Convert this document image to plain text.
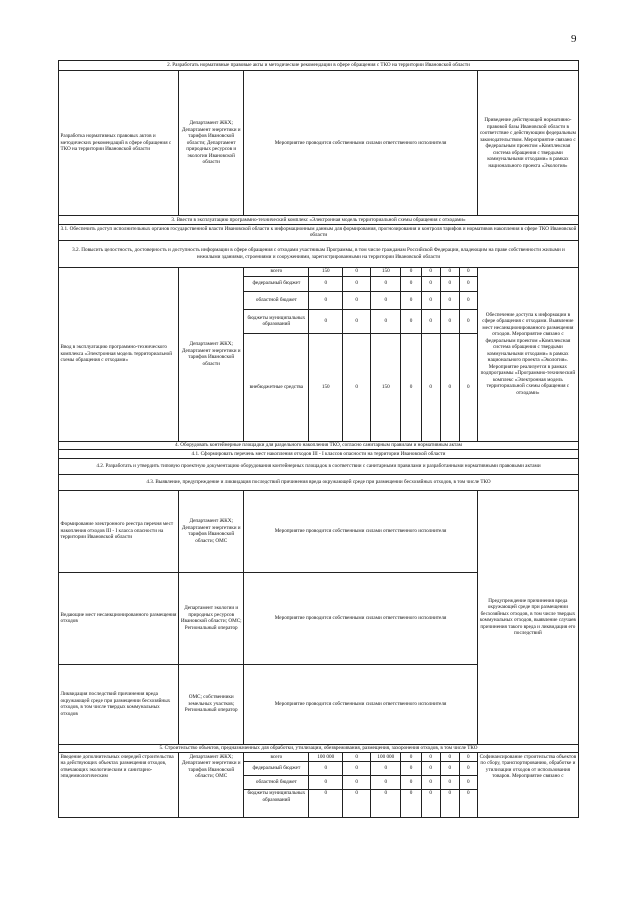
9
2. Разработать нормативные правовые акты и методические рекомендации в сфере обращения с ТКО на территории Ивановской области										
Разработка нормативных правовых актов и методических рекомендаций в сфере обращения с ТКО на территории Ивановской области	Департамент ЖКХ; Департамент энергетики и тарифов Ивановской области; Департамент природных ресурсов и экологии Ивановской области	Мероприятие проводится собственными силами ответственного исполнителя								Приведение действующей нормативно-правовой базы Ивановской области в соответствие с действующим федеральным законодательством. Мероприятие связано с федеральным проектом «Комплексная система обращения с твердыми коммунальными отходами» в рамках национального проекта «Экология»
3. Ввести в эксплуатацию программно-технический комплекс «Электронная модель территориальной схемы обращения с отходами»										
3.1. Обеспечить доступ исполнительных органов государственной власти Ивановской области к информационным данным для формирования, прогнозирования и контроля тарифов и нормативов накопления в сфере ТКО Ивановской области										
3.2. Повысить целостность, достоверность и доступность информации в сфере обращения с отходами участникам Программы, в том числе гражданам Российской Федерации, владеющим на праве собственности жилыми и нежилыми зданиями, строениями и сооружениями, зарегистрированными на территории Ивановской области										
Ввод в эксплуатацию программно-технического комплекса «Электронная модель территориальной схемы обращения с отходами»	Департамент ЖКХ; Департамент энергетики и тарифов Ивановской области	всего	150	0	150	0	0	0	0	Обеспечение доступа к информации в сфере обращения с отходами. Выявление мест несанкционированного размещения отходов. Мероприятие связано с федеральным проектом «Комплексная система обращения с твердыми коммунальными отходами» в рамках национального проекта «Экология». Мероприятие реализуется в рамках подпрограммы «Программно-технический комплекс «Электронная модель территориальной схемы обращения с отходами»
		федеральный бюджет	0	0	0	0	0	0	0	
		областной бюджет	0	0	0	0	0	0	0	
		бюджеты муниципальных образований	0	0	0	0	0	0	0	
		внебюджетные средства	150	0	150	0	0	0	0	
4. Оборудовать контейнерные площадки для раздельного накопления ТКО, согласно санитарным правилам и нормативным актам										
4.1. Сформировать перечень мест накопления отходов III - I классов опасности на территории Ивановской области										
4.2. Разработать и утвердить типовую проектную документацию оборудования контейнерных площадок в соответствии с санитарными правилами и разработанными нормативными правовыми актами										
4.3. Выявление, предупреждение и ликвидация последствий причинения вреда окружающей среде при размещении бесхозяйных отходов, в том числе ТКО										
Формирование электронного реестра перечня мест накопления отходов III - I класса опасности на территории Ивановской области	Департамент ЖКХ; Департамент энергетики и тарифов Ивановской области; ОМС	Мероприятие проводится собственными силами ответственного исполнителя								Предупреждение причинения вреда окружающей среде при размещении бесхозяйных отходов, в том числе твердых коммунальных отходов, выявление случаев причинения такого вреда и ликвидация его последствий
Ведающие мест несанкционированного размещения отходов	Департамент экологии и природных ресурсов Ивановской области; ОМС; Региональный оператор	Мероприятие проводится собственными силами ответственного исполнителя								
Ликвидация последствий причинения вреда окружающей среде при размещении бесхозяйных отходов, в том числе твердых коммунальных отходов	ОМС; собственники земельных участков; Региональный оператор	Мероприятие проводится собственными силами ответственного исполнителя								
5. Строительство объектов, предназначенных для обработки, утилизации, обезвреживания, размещения, захоронения отходов, в том числе ТКО										
Введение дополнительных очередей строительства на действующих объектах размещения отходов, отвечающих экологическим и санитарно-эпидемиологическим	Департамент ЖКХ; Департамент энергетики и тарифов Ивановской области; ОМС	всего	100 000	0	100 000	0	0	0	0	Софинансирование строительства объектов по сбору, транспортированию, обработке и утилизации отходов от использования товаров. Мероприятие связано с
		федеральный бюджет	0	0	0	0	0	0	0	
		областной бюджет	0	0	0	0	0	0	0	
		бюджеты муниципальных образований	0	0	0	0	0	0	0	
